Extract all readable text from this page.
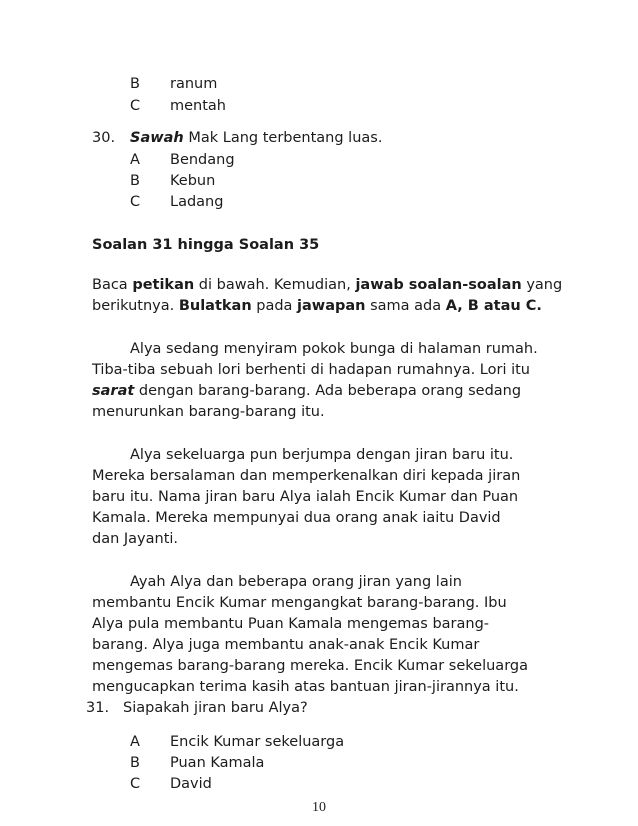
B ranum
C mentah
30. Sawah Mak Lang terbentang luas.
A Bendang
B Kebun
C Ladang
Soalan 31 hingga Soalan 35
Baca petikan di bawah. Kemudian, jawab soalan-soalan yang
berikutnya. Bulatkan pada jawapan sama ada A, B atau C.
Alya sedang menyiram pokok bunga di halaman rumah.
Tiba-tiba sebuah lori berhenti di hadapan rumahnya. Lori itu
sarat dengan barang-barang. Ada beberapa orang sedang
menurunkan barang-barang itu.
Alya sekeluarga pun berjumpa dengan jiran baru itu.
Mereka bersalaman dan memperkenalkan diri kepada jiran
baru itu. Nama jiran baru Alya ialah Encik Kumar dan Puan
Kamala. Mereka mempunyai dua orang anak iaitu David
dan Jayanti.
Ayah Alya dan beberapa orang jiran yang lain
membantu Encik Kumar mengangkat barang-barang. Ibu
Alya pula membantu Puan Kamala mengemas barang-
barang. Alya juga membantu anak-anak Encik Kumar
mengemas barang-barang mereka. Encik Kumar sekeluarga
mengucapkan terima kasih atas bantuan jiran-jirannya itu.
31. Siapakah jiran baru Alya?
A Encik Kumar sekeluarga
B Puan Kamala
C David
10
